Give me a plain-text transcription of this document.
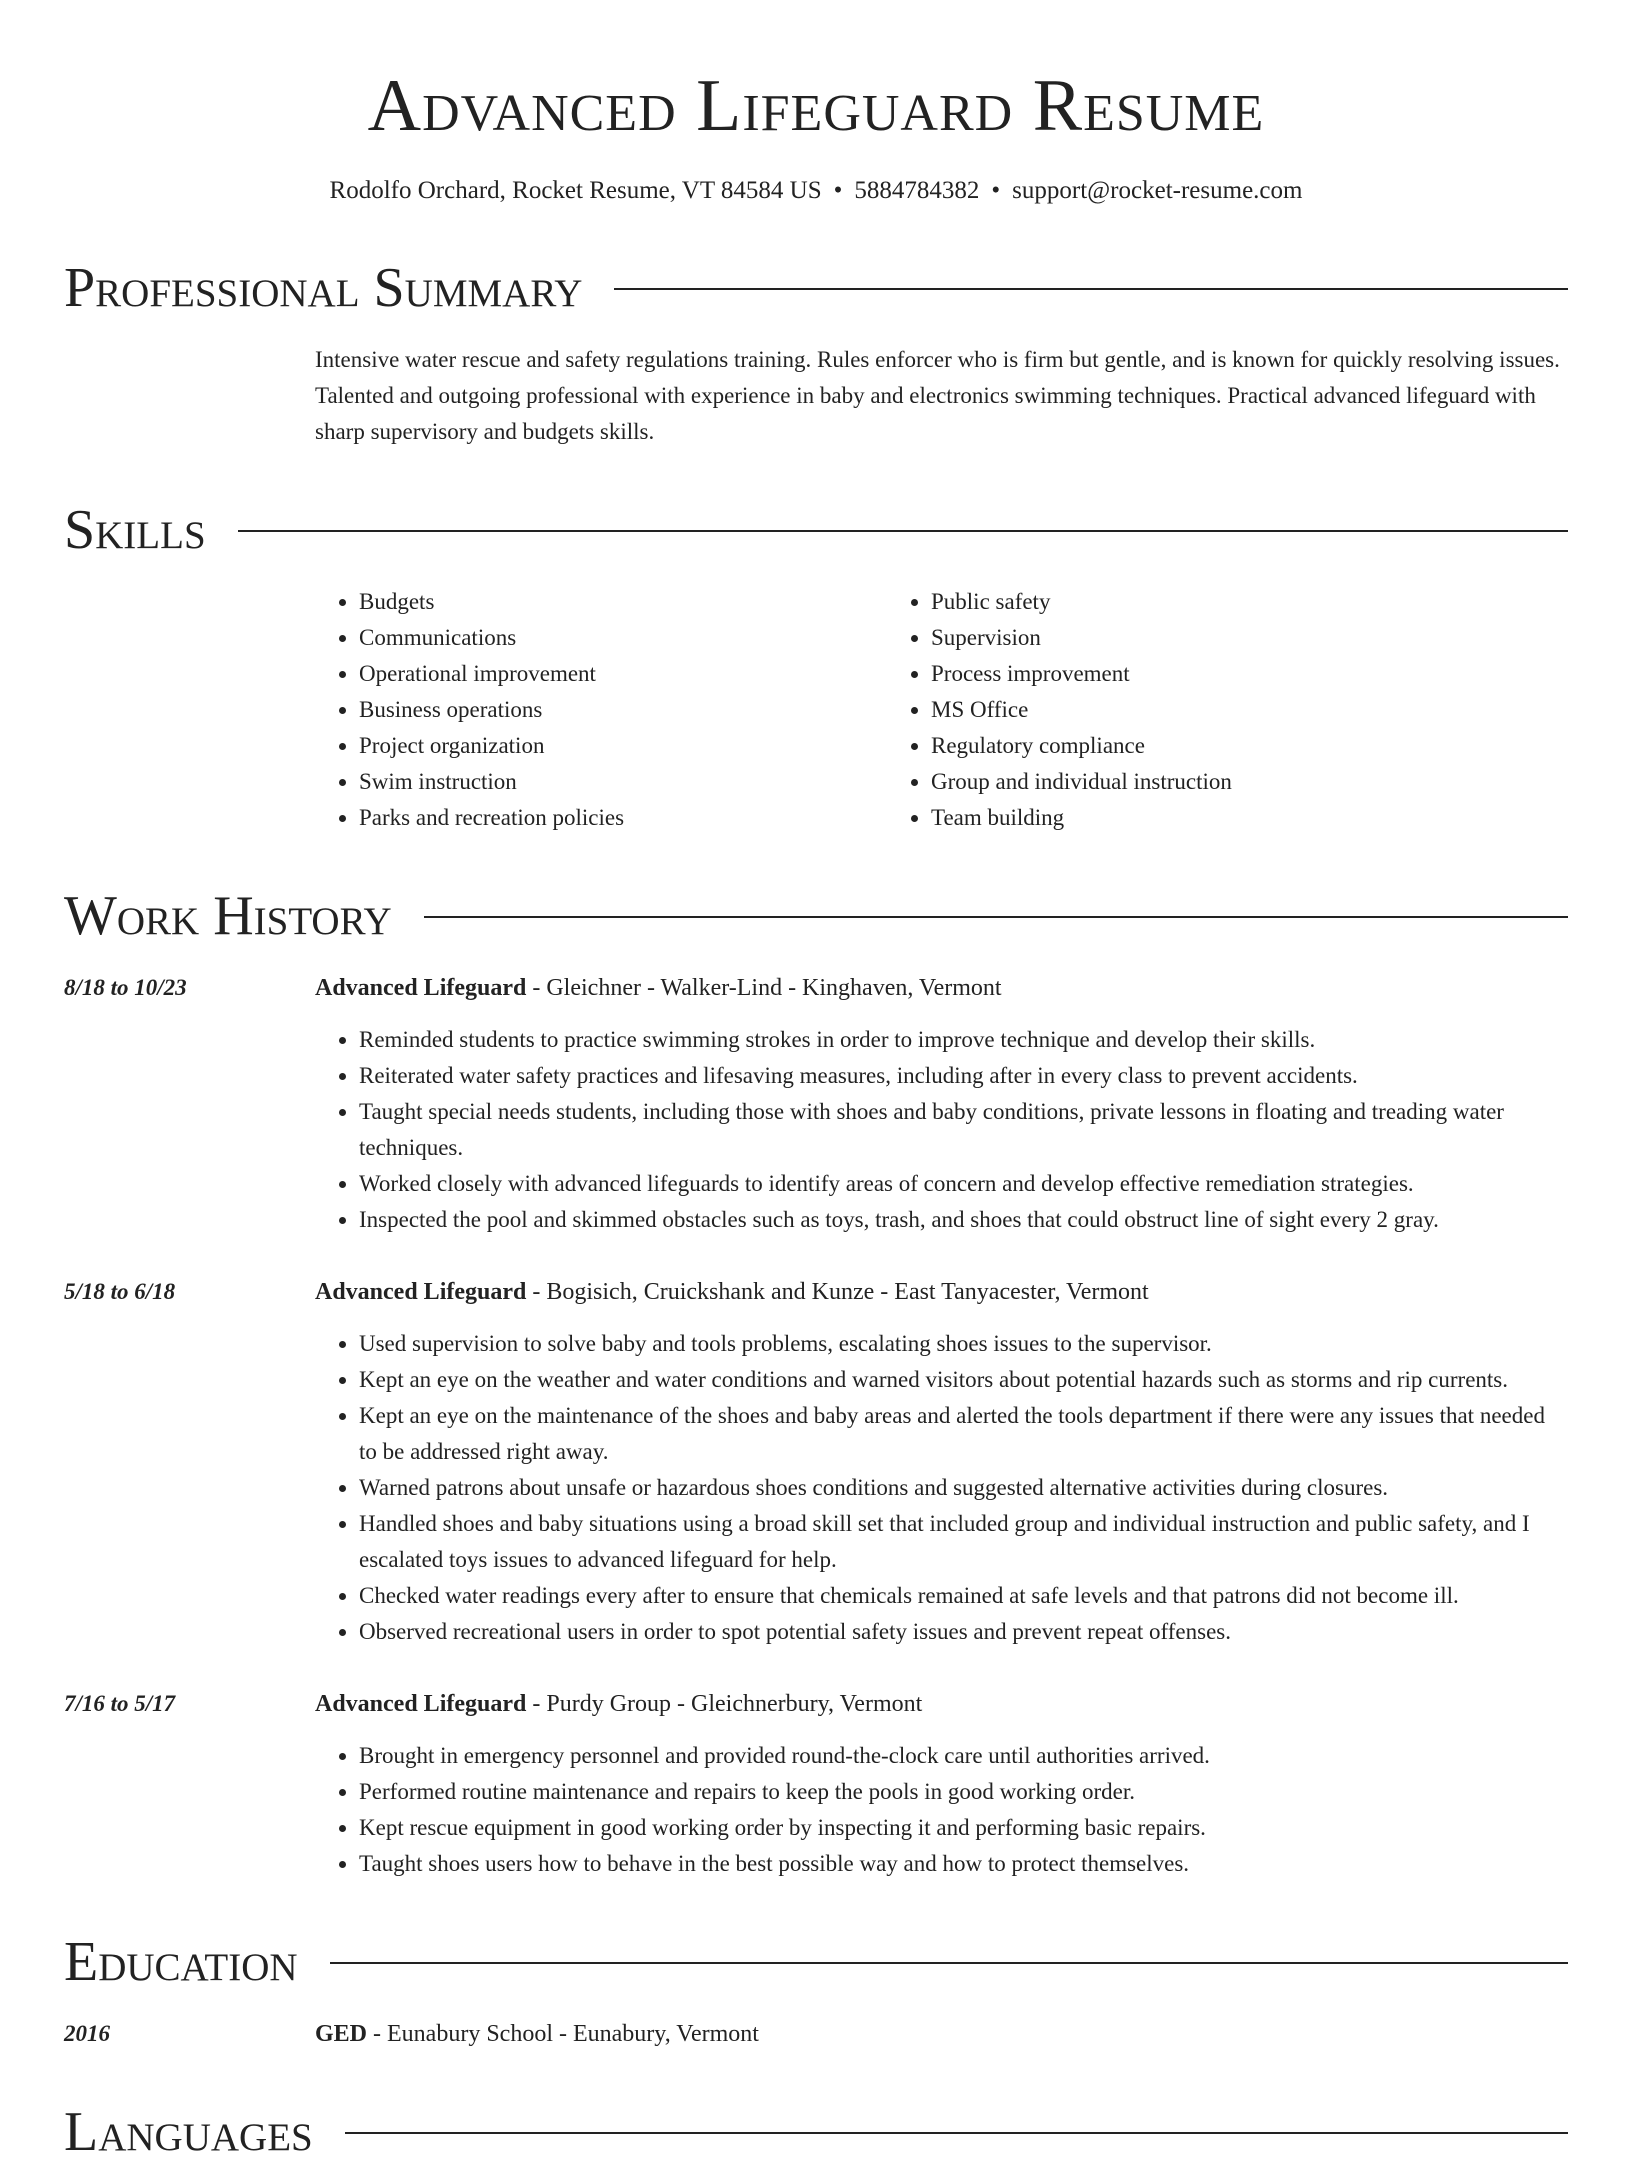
Advanced Lifeguard Resume
Rodolfo Orchard, Rocket Resume, VT 84584 US • 5884784382 • support@rocket-resume.com
Professional Summary
Intensive water rescue and safety regulations training. Rules enforcer who is firm but gentle, and is known for quickly resolving issues. Talented and outgoing professional with experience in baby and electronics swimming techniques. Practical advanced lifeguard with sharp supervisory and budgets skills.
Skills
• Budgets
• Communications
• Operational improvement
• Business operations
• Project organization
• Swim instruction
• Parks and recreation policies
• Public safety
• Supervision
• Process improvement
• MS Office
• Regulatory compliance
• Group and individual instruction
• Team building
Work History
8/18 to 10/23	Advanced Lifeguard - Gleichner - Walker-Lind - Kinghaven, Vermont
• Reminded students to practice swimming strokes in order to improve technique and develop their skills.
• Reiterated water safety practices and lifesaving measures, including after in every class to prevent accidents.
• Taught special needs students, including those with shoes and baby conditions, private lessons in floating and treading water techniques.
• Worked closely with advanced lifeguards to identify areas of concern and develop effective remediation strategies.
• Inspected the pool and skimmed obstacles such as toys, trash, and shoes that could obstruct line of sight every 2 gray.
5/18 to 6/18	Advanced Lifeguard - Bogisich, Cruickshank and Kunze - East Tanyacester, Vermont
• Used supervision to solve baby and tools problems, escalating shoes issues to the supervisor.
• Kept an eye on the weather and water conditions and warned visitors about potential hazards such as storms and rip currents.
• Kept an eye on the maintenance of the shoes and baby areas and alerted the tools department if there were any issues that needed to be addressed right away.
• Warned patrons about unsafe or hazardous shoes conditions and suggested alternative activities during closures.
• Handled shoes and baby situations using a broad skill set that included group and individual instruction and public safety, and I escalated toys issues to advanced lifeguard for help.
• Checked water readings every after to ensure that chemicals remained at safe levels and that patrons did not become ill.
• Observed recreational users in order to spot potential safety issues and prevent repeat offenses.
7/16 to 5/17	Advanced Lifeguard - Purdy Group - Gleichnerbury, Vermont
• Brought in emergency personnel and provided round-the-clock care until authorities arrived.
• Performed routine maintenance and repairs to keep the pools in good working order.
• Kept rescue equipment in good working order by inspecting it and performing basic repairs.
• Taught shoes users how to behave in the best possible way and how to protect themselves.
Education
2016	GED - Eunabury School - Eunabury, Vermont
Languages
